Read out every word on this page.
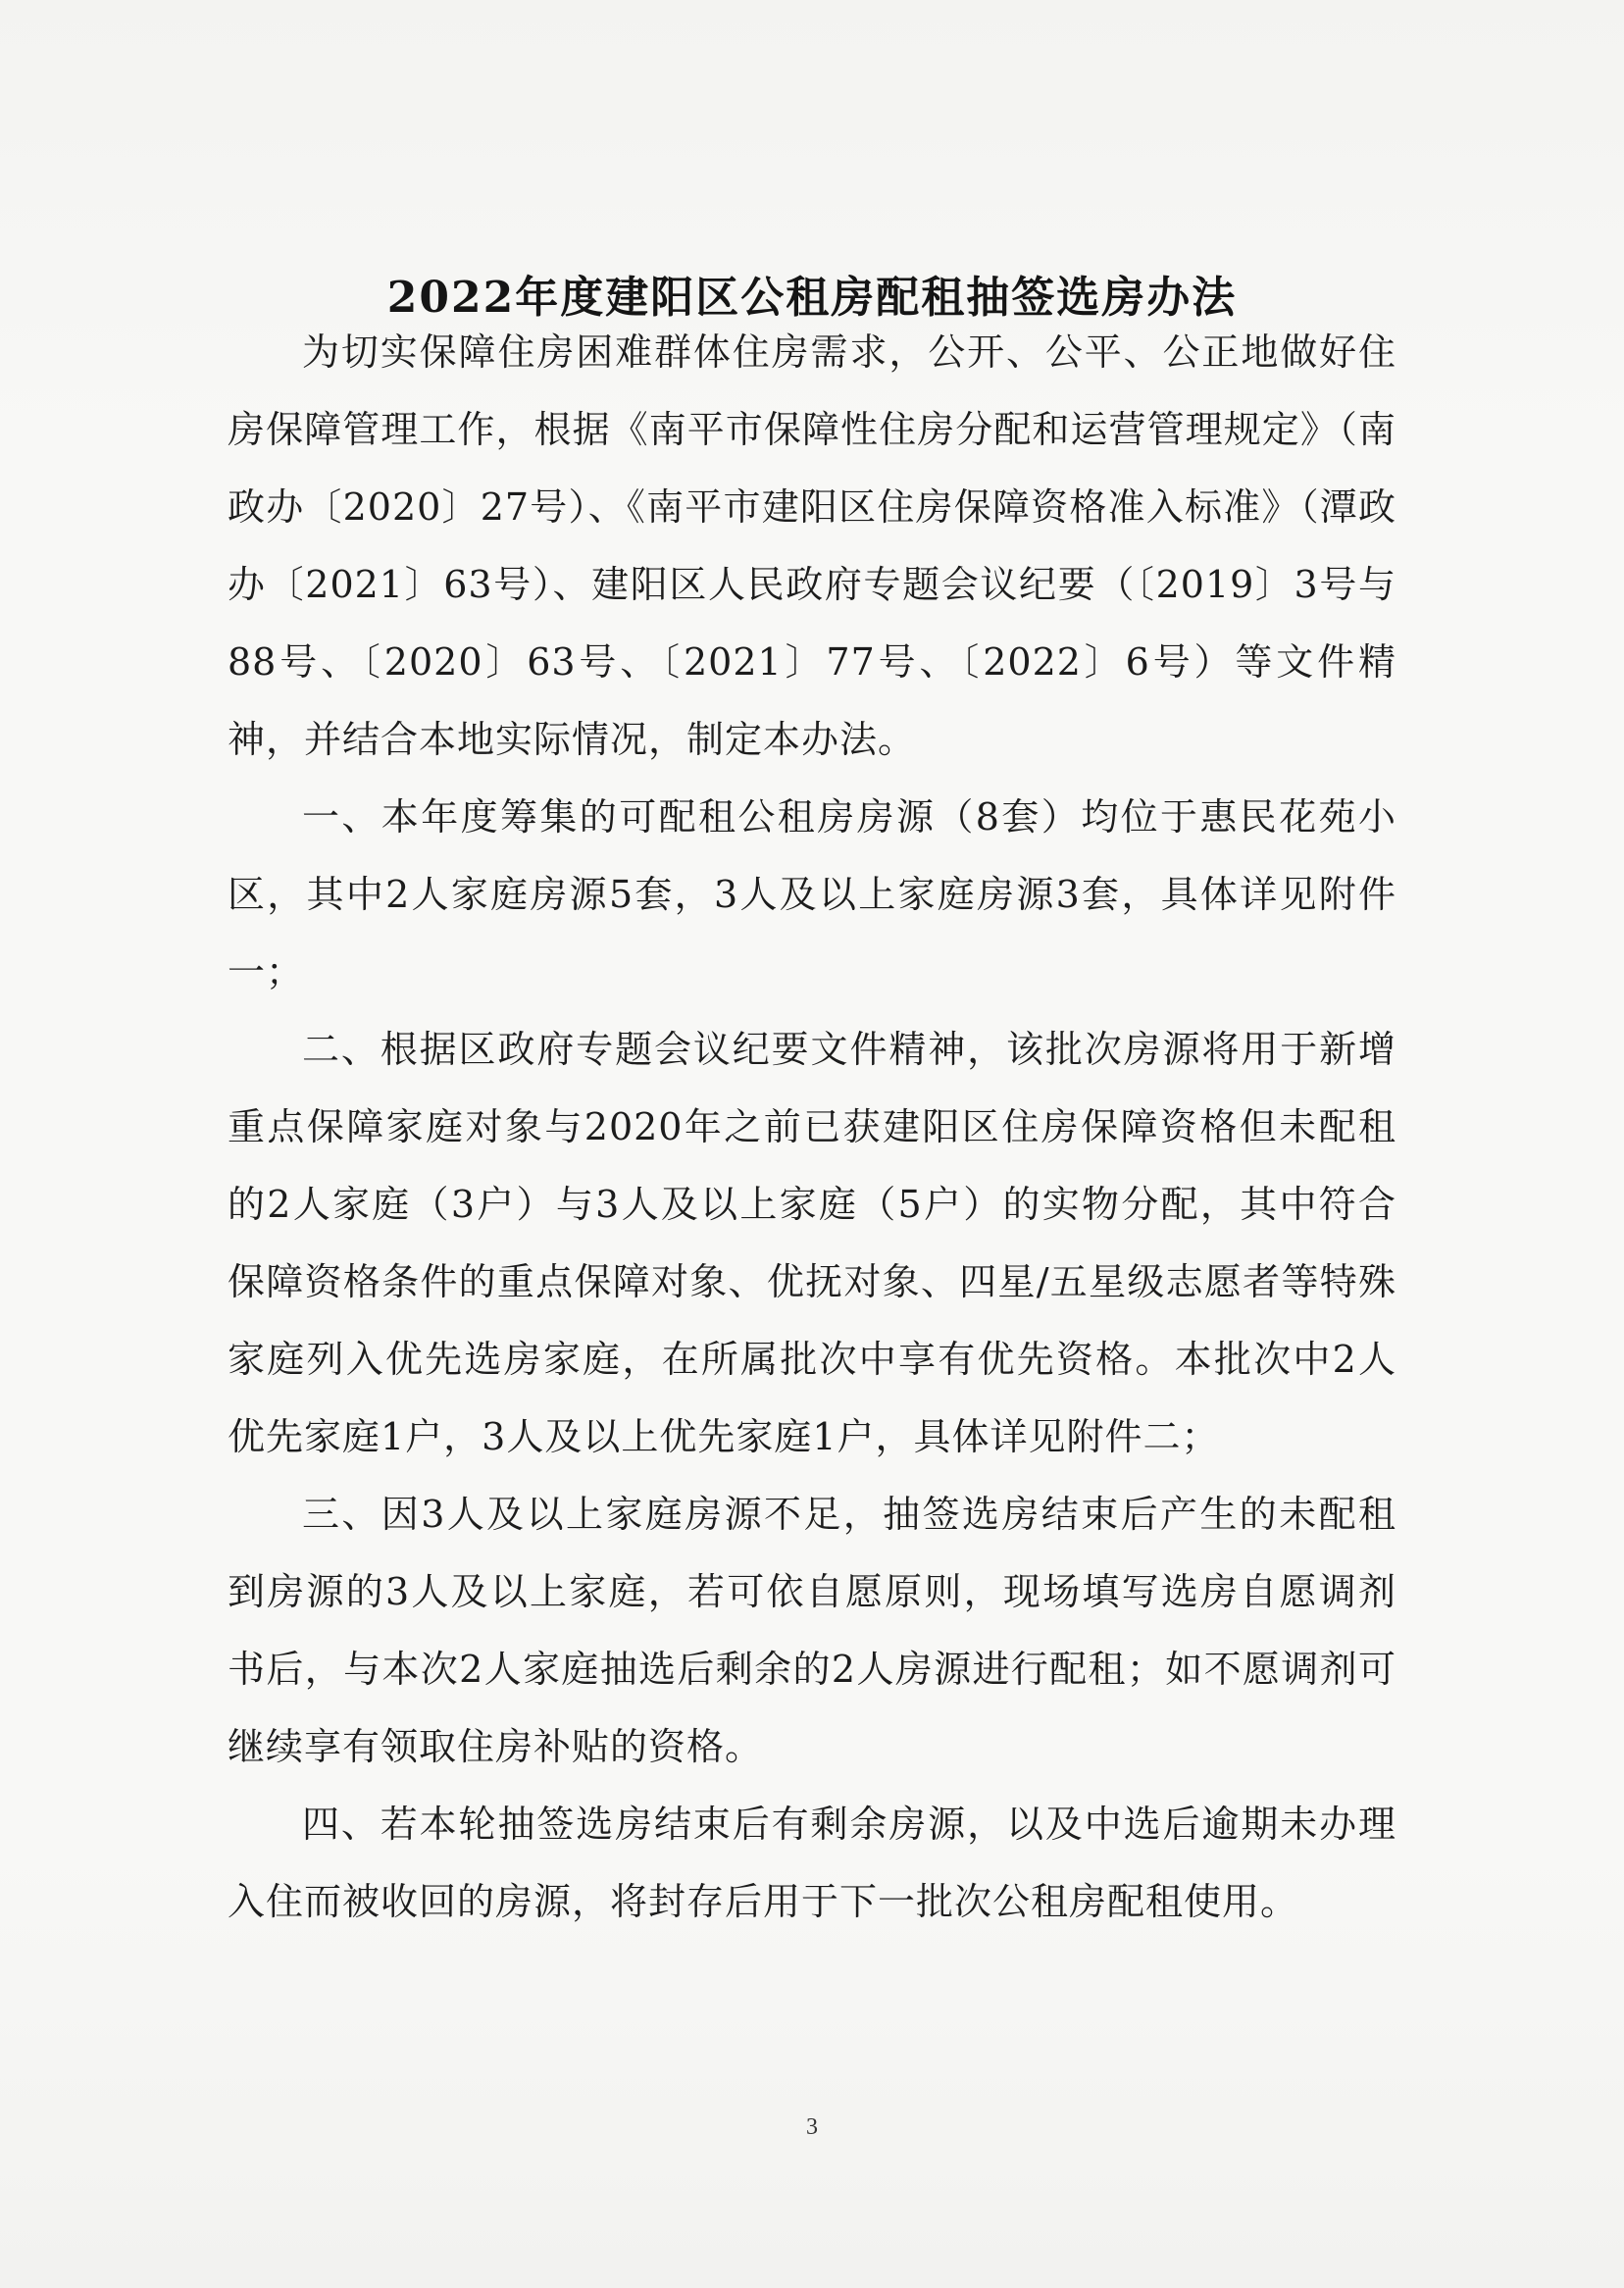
2022年度建阳区公租房配租抽签选房办法

为切实保障住房困难群体住房需求，公开、公平、公正地做好住房保障管理工作，根据《南平市保障性住房分配和运营管理规定》（南政办〔2020〕27号）、《南平市建阳区住房保障资格准入标准》（潭政办〔2021〕63号）、建阳区人民政府专题会议纪要（〔2019〕3号与88号、〔2020〕63号、〔2021〕77号、〔2022〕6号）等文件精神，并结合本地实际情况，制定本办法。

一、本年度筹集的可配租公租房房源（8套）均位于惠民花苑小区，其中2人家庭房源5套，3人及以上家庭房源3套，具体详见附件一；

二、根据区政府专题会议纪要文件精神，该批次房源将用于新增重点保障家庭对象与2020年之前已获建阳区住房保障资格但未配租的2人家庭（3户）与3人及以上家庭（5户）的实物分配，其中符合保障资格条件的重点保障对象、优抚对象、四星/五星级志愿者等特殊家庭列入优先选房家庭，在所属批次中享有优先资格。本批次中2人优先家庭1户，3人及以上优先家庭1户，具体详见附件二；

三、因3人及以上家庭房源不足，抽签选房结束后产生的未配租到房源的3人及以上家庭，若可依自愿原则，现场填写选房自愿调剂书后，与本次2人家庭抽选后剩余的2人房源进行配租；如不愿调剂可继续享有领取住房补贴的资格。

四、若本轮抽签选房结束后有剩余房源，以及中选后逾期未办理入住而被收回的房源，将封存后用于下一批次公租房配租使用。

3
